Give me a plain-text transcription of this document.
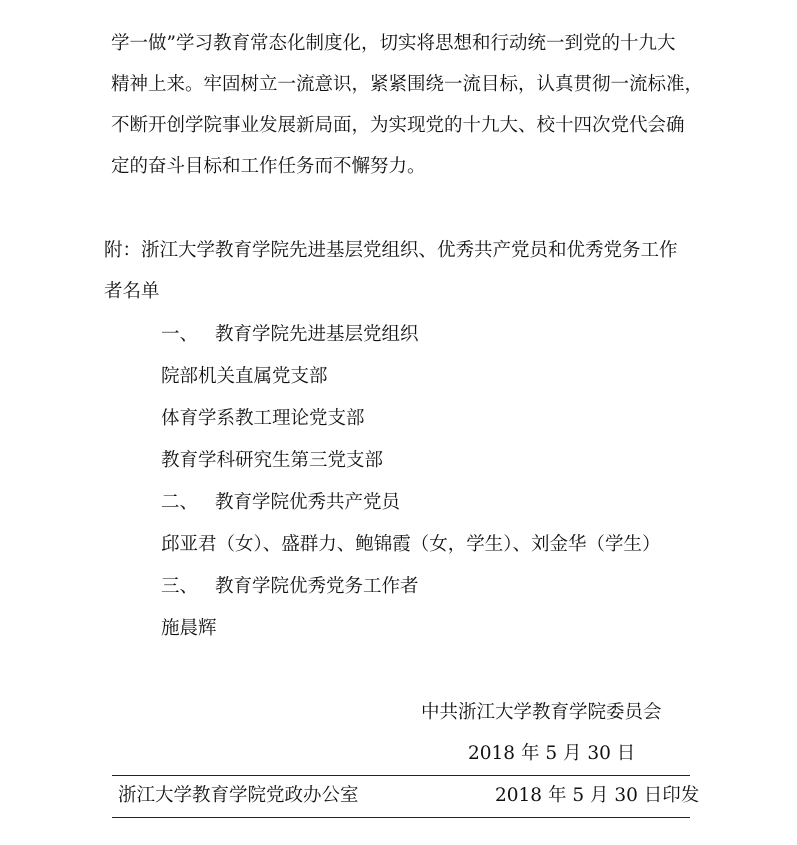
学一做”学习教育常态化制度化，切实将思想和行动统一到党的十九大
精神上来。牢固树立一流意识，紧紧围绕一流目标，认真贯彻一流标准，
不断开创学院事业发展新局面，为实现党的十九大、校十四次党代会确
定的奋斗目标和工作任务而不懈努力。
附：浙江大学教育学院先进基层党组织、优秀共产党员和优秀党务工作
者名单
一、 教育学院先进基层党组织
院部机关直属党支部
体育学系教工理论党支部
教育学科研究生第三党支部
二、 教育学院优秀共产党员
邱亚君（女）、盛群力、鲍锦霞（女，学生）、刘金华（学生）
三、 教育学院优秀党务工作者
施晨辉
中共浙江大学教育学院委员会
2018 年 5 月 30 日
浙江大学教育学院党政办公室	2018 年 5 月 30 日印发
